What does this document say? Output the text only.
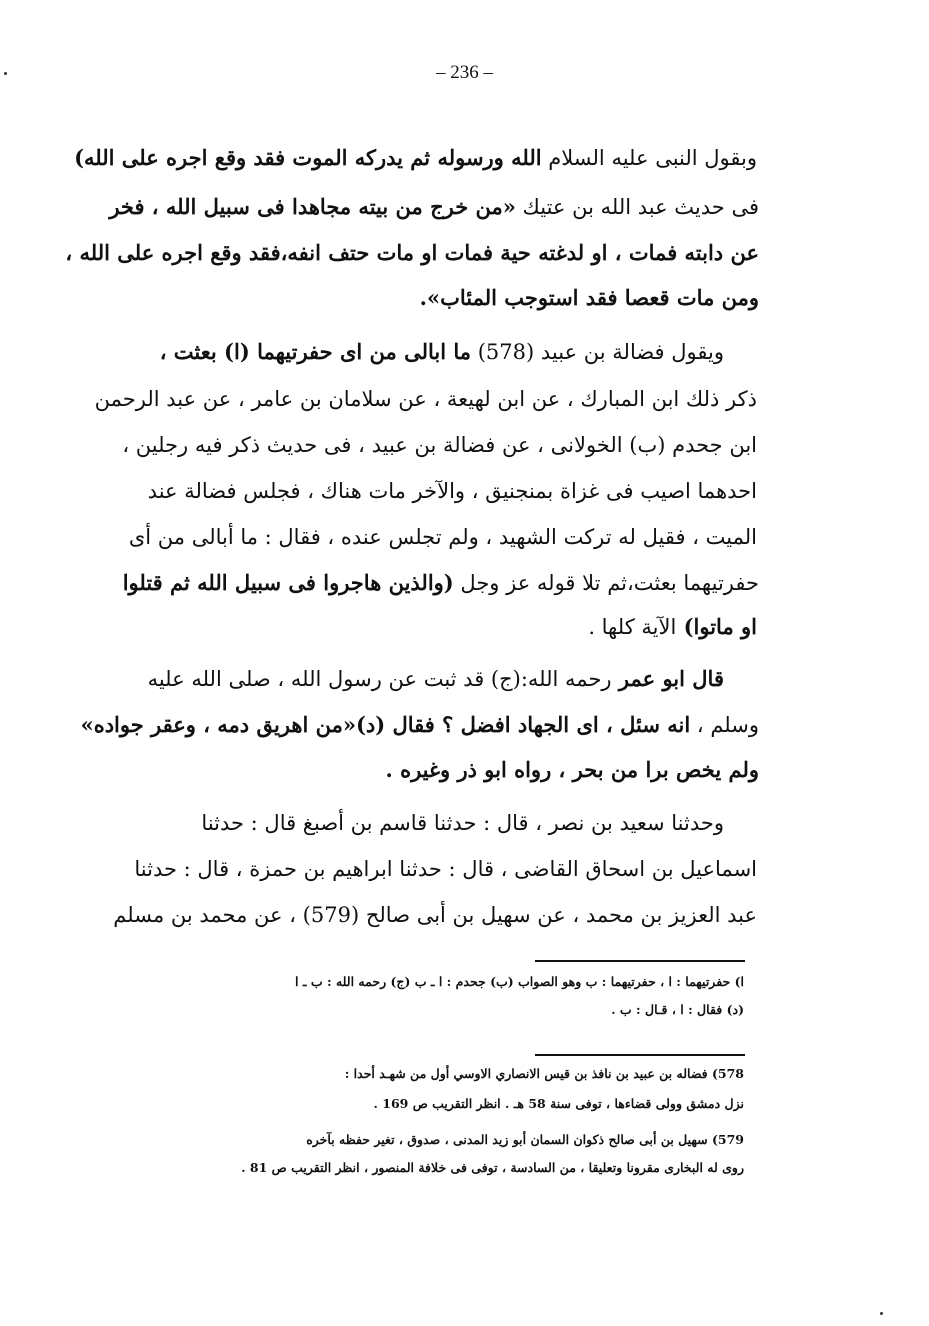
– 236 –
وبقول النبى عليه السلام الله ورسوله ثم يدركه الموت فقد وقع اجره على الله)
فى حديث عبد الله بن عتيك «من خرج من بيته مجاهدا فى سبيل الله ، فخر
عن دابته فمات ، او لدغته حية فمات او مات حتف انفه،فقد وقع اجره على الله ،
ومن مات قعصا فقد استوجب المئاب».
ويقول فضالة بن عبيد (578) ما ابالى من اى حفرتيهما (ا) بعثت ،
ذكر ذلك ابن المبارك ، عن ابن لهيعة ، عن سلامان بن عامر ، عن عبد الرحمن
ابن جحدم (ب) الخولانى ، عن فضالة بن عبيد ، فى حديث ذكر فيه رجلين ،
احدهما اصيب فى غزاة بمنجنيق ، والآخر مات هناك ، فجلس فضالة عند
الميت ، فقيل له تركت الشهيد ، ولم تجلس عنده ، فقال : ما أبالى من أى
حفرتيهما بعثت،ثم تلا قوله عز وجل (والذين هاجروا فى سبيل الله ثم قتلوا
او ماتوا) الآية كلها .
قال ابو عمر رحمه الله:(ج) قد ثبت عن رسول الله ، صلى الله عليه
وسلم ، انه سئل ، اى الجهاد افضل ؟ فقال (د)«من اهريق دمه ، وعقر جواده»
ولم يخص برا من بحر ، رواه ابو ذر وغيره .
وحدثنا سعيد بن نصر ، قال : حدثنا قاسم بن أصبغ قال : حدثنا
اسماعيل بن اسحاق القاضى ، قال : حدثنا ابراهيم بن حمزة ، قال : حدثنا
عبد العزيز بن محمد ، عن سهيل بن أبى صالح (579) ، عن محمد بن مسلم
ا) حفرتيهما : ا ، حفرتيهما : ب وهو الصواب (ب) جحدم : ا ـ ب (ج) رحمه الله : ب ـ ا
(د) فقال : ا ، قـال : ب .
578) فضاله بن عبيد بن نافذ بن قيس الانصاري الاوسي أول من شهـد أحدا :
نزل دمشق وولى قضاءها ، توفى سنة 58 هـ . انظر التقريب ص 169 .
579) سهيل بن أبى صالح ذكوان السمان أبو زيد المدنى ، صدوق ، تغير حفظه بآخره
روى له البخارى مقرونا وتعليقا ، من السادسة ، توفى فى خلافة المنصور ، انظر التقريب ص 81 .
